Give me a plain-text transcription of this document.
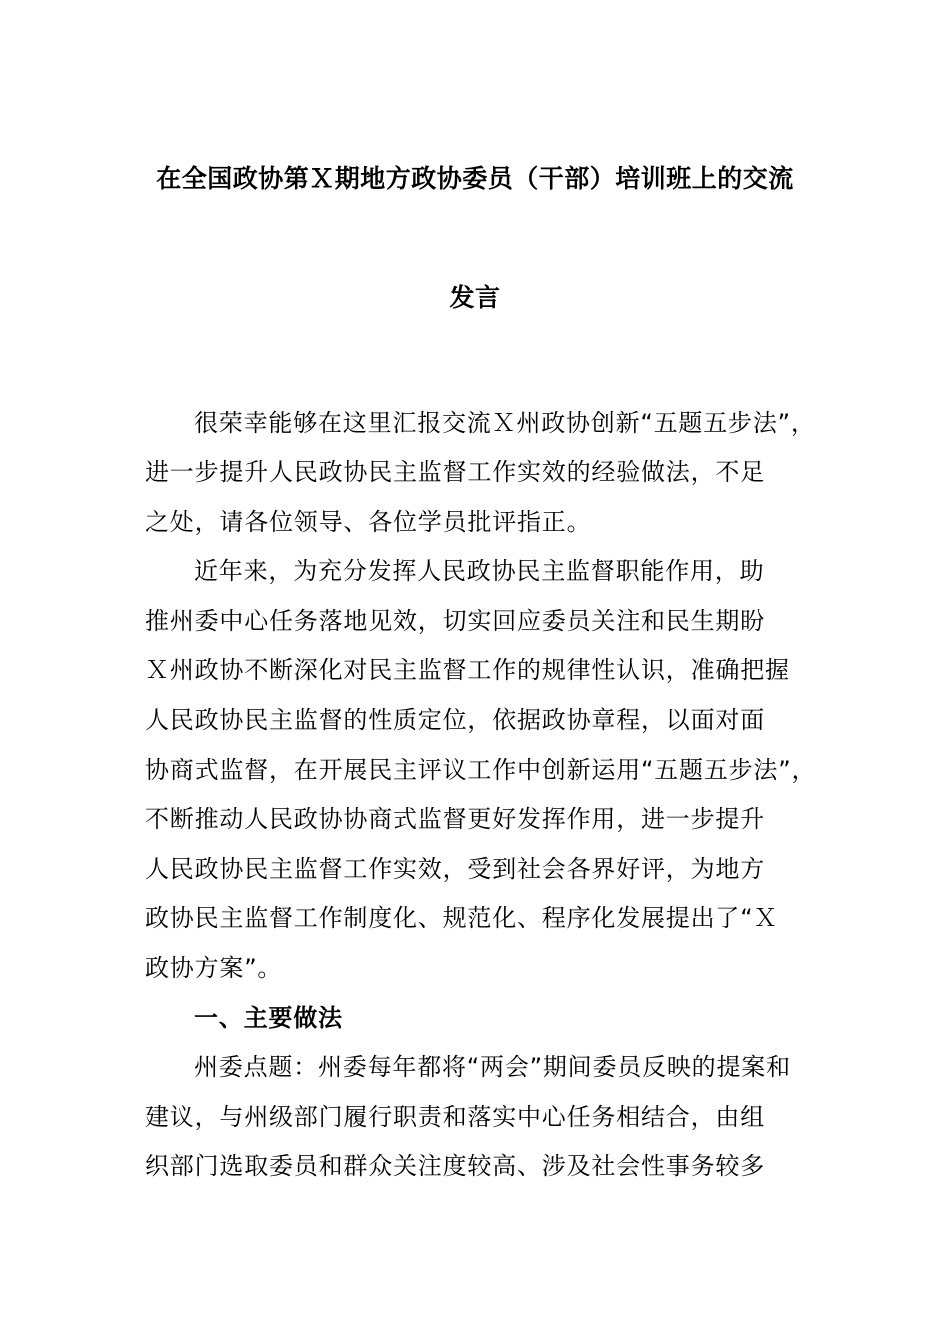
在全国政协第Ｘ期地方政协委员（干部）培训班上的交流
发言
很荣幸能够在这里汇报交流Ｘ州政协创新“五题五步法”，
进一步提升人民政协民主监督工作实效的经验做法，不足
之处，请各位领导、各位学员批评指正。
近年来，为充分发挥人民政协民主监督职能作用，助
推州委中心任务落地见效，切实回应委员关注和民生期盼
Ｘ州政协不断深化对民主监督工作的规律性认识，准确把握
人民政协民主监督的性质定位，依据政协章程，以面对面
协商式监督，在开展民主评议工作中创新运用“五题五步法”，
不断推动人民政协协商式监督更好发挥作用，进一步提升
人民政协民主监督工作实效，受到社会各界好评，为地方
政协民主监督工作制度化、规范化、程序化发展提出了“Ｘ
政协方案”。
一、主要做法
州委点题：州委每年都将“两会”期间委员反映的提案和
建议，与州级部门履行职责和落实中心任务相结合，由组
织部门选取委员和群众关注度较高、涉及社会性事务较多
